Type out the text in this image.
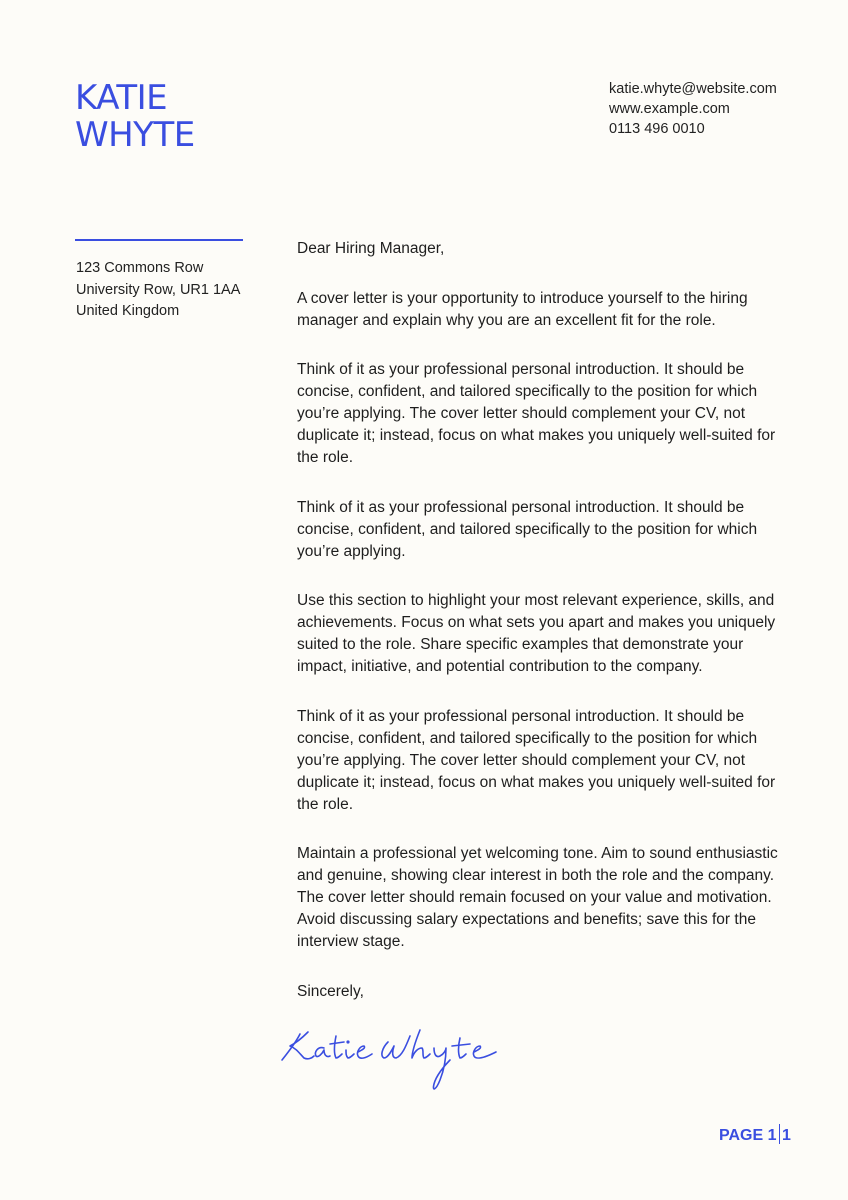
KATIE
WHYTE
katie.whyte@website.com
www.example.com
0113 496 0010
123 Commons Row
University Row, UR1 1AA
United Kingdom

Dear Hiring Manager,

A cover letter is your opportunity to introduce yourself to the hiring manager and explain why you are an excellent fit for the role.

Think of it as your professional personal introduction. It should be concise, confident, and tailored specifically to the position for which you’re applying. The cover letter should complement your CV, not duplicate it; instead, focus on what makes you uniquely well-suited for the role.

Think of it as your professional personal introduction. It should be concise, confident, and tailored specifically to the position for which you’re applying.

Use this section to highlight your most relevant experience, skills, and achievements. Focus on what sets you apart and makes you uniquely suited to the role. Share specific examples that demonstrate your impact, initiative, and potential contribution to the company.

Think of it as your professional personal introduction. It should be concise, confident, and tailored specifically to the position for which you’re applying. The cover letter should complement your CV, not duplicate it; instead, focus on what makes you uniquely well-suited for the role.

Maintain a professional yet welcoming tone. Aim to sound enthusiastic and genuine, showing clear interest in both the role and the company. The cover letter should remain focused on your value and motivation. Avoid discussing salary expectations and benefits; save this for the interview stage.

Sincerely,

PAGE 1 1
